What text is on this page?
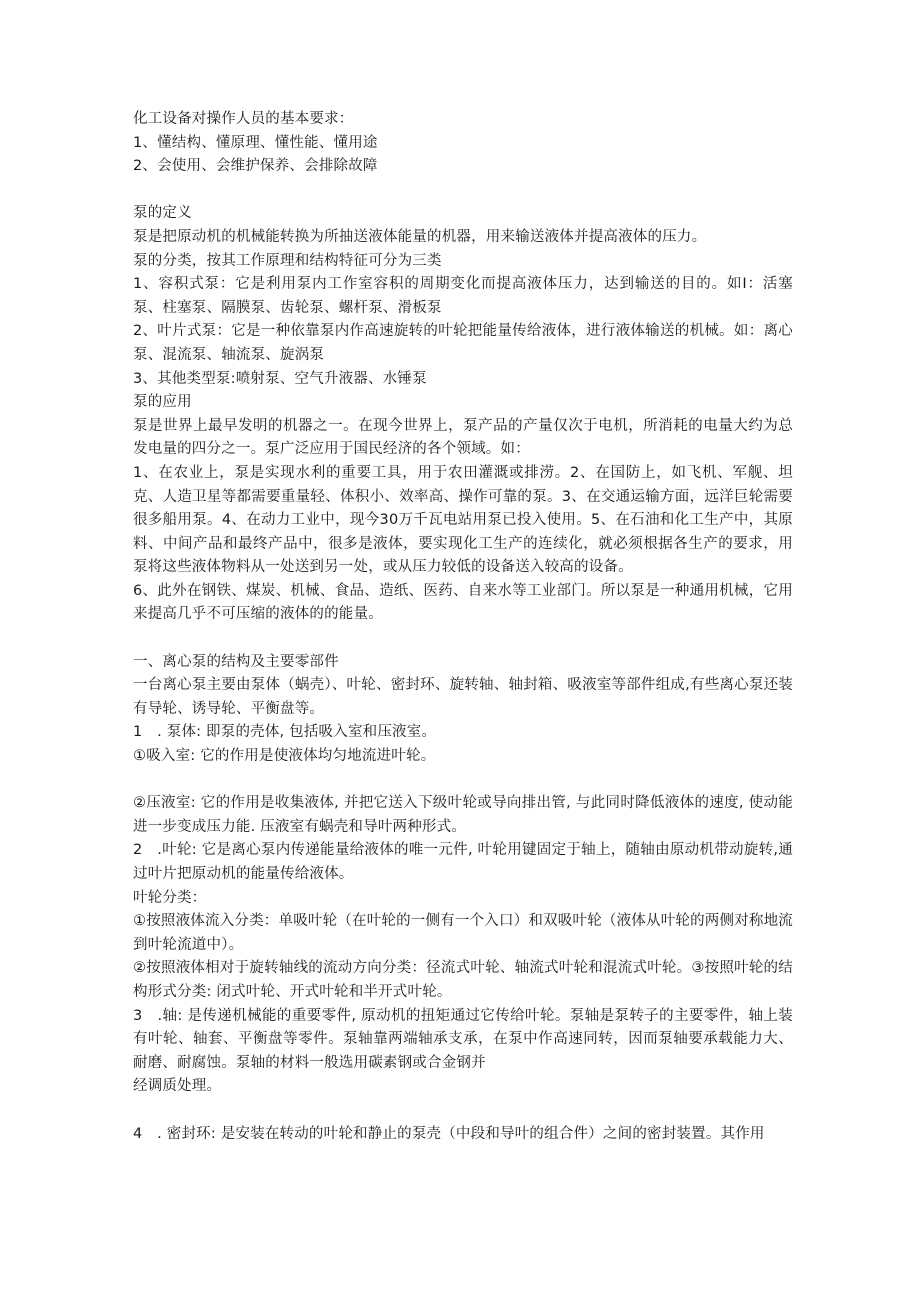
化工设备对操作人员的基本要求：

1、懂结构、懂原理、懂性能、懂用途

2、会使用、会维护保养、会排除故障

泵的定义

泵是把原动机的机械能转换为所抽送液体能量的机器，用来输送液体并提高液体的压力。

泵的分类，按其工作原理和结构特征可分为三类

1、容积式泵：它是利用泵内工作室容积的周期变化而提高液体压力，达到输送的目的。如Ⅰ：活塞泵、柱塞泵、隔膜泵、齿轮泵、螺杆泵、滑板泵

2、叶片式泵：它是一种依靠泵内作高速旋转的叶轮把能量传给液体，进行液体输送的机械。如：离心泵、混流泵、轴流泵、旋涡泵

3、其他类型泵:喷射泵、空气升液器、水锤泵

泵的应用

泵是世界上最早发明的机器之一。在现今世界上，泵产品的产量仅次于电机，所消耗的电量大约为总发电量的四分之一。泵广泛应用于国民经济的各个领域。如：

1、在农业上，泵是实现水利的重要工具，用于农田灌溉或排涝。2、在国防上，如飞机、军舰、坦克、人造卫星等都需要重量轻、体积小、效率高、操作可靠的泵。3、在交通运输方面，远洋巨轮需要很多船用泵。4、在动力工业中，现今30万千瓦电站用泵已投入使用。5、在石油和化工生产中，其原料、中间产品和最终产品中，很多是液体，要实现化工生产的连续化，就必须根据各生产的要求，用泵将这些液体物料从一处送到另一处，或从压力较低的设备送入较高的设备。

6、此外在钢铁、煤炭、机械、食品、造纸、医药、自来水等工业部门。所以泵是一种通用机械，它用来提高几乎不可压缩的液体的的能量。

一、离心泵的结构及主要零部件

一台离心泵主要由泵体（蜗壳）、叶轮、密封环、旋转轴、轴封箱、吸液室等部件组成,有些离心泵还装有导轮、诱导轮、平衡盘等。

1　. 泵体: 即泵的壳体, 包括吸入室和压液室。

①吸入室: 它的作用是使液体均匀地流进叶轮。

②压液室: 它的作用是收集液体, 并把它送入下级叶轮或导向排出管, 与此同时降低液体的速度, 使动能进一步变成压力能. 压液室有蜗壳和导叶两种形式。

2　.叶轮: 它是离心泵内传递能量给液体的唯一元件, 叶轮用键固定于轴上，随轴由原动机带动旋转,通过叶片把原动机的能量传给液体。

叶轮分类：

①按照液体流入分类：单吸叶轮（在叶轮的一侧有一个入口）和双吸叶轮（液体从叶轮的两侧对称地流到叶轮流道中）。

②按照液体相对于旋转轴线的流动方向分类：径流式叶轮、轴流式叶轮和混流式叶轮。③按照叶轮的结构形式分类: 闭式叶轮、开式叶轮和半开式叶轮。

3　.轴: 是传递机械能的重要零件, 原动机的扭矩通过它传给叶轮。泵轴是泵转子的主要零件，轴上装有叶轮、轴套、平衡盘等零件。泵轴靠两端轴承支承，在泵中作高速同转，因而泵轴要承载能力大、耐磨、耐腐蚀。泵轴的材料一般选用碳素钢或合金钢并

经调质处理。

4　. 密封环: 是安装在转动的叶轮和静止的泵壳（中段和导叶的组合件）之间的密封装置。其作用
